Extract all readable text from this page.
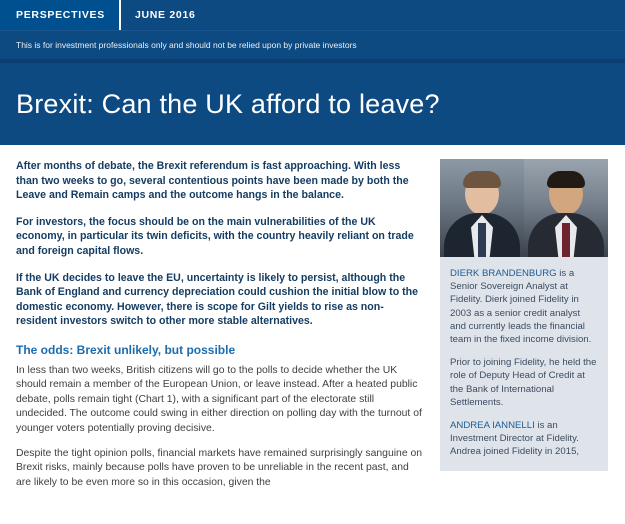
PERSPECTIVES	JUNE 2016
This is for investment professionals only and should not be relied upon by private investors
Brexit: Can the UK afford to leave?

After months of debate, the Brexit referendum is fast approaching. With less than two weeks to go, several contentious points have been made by both the Leave and Remain camps and the outcome hangs in the balance.

For investors, the focus should be on the main vulnerabilities of the UK economy, in particular its twin deficits, with the country heavily reliant on trade and foreign capital flows.

If the UK decides to leave the EU, uncertainty is likely to persist, although the Bank of England and currency depreciation could cushion the initial blow to the domestic economy. However, there is scope for Gilt yields to rise as non-resident investors switch to other more stable alternatives.

The odds: Brexit unlikely, but possible

In less than two weeks, British citizens will go to the polls to decide whether the UK should remain a member of the European Union, or leave instead. After a heated public debate, polls remain tight (Chart 1), with a significant part of the electorate still undecided. The outcome could swing in either direction on polling day with the turnout of younger voters potentially proving decisive.

Despite the tight opinion polls, financial markets have remained surprisingly sanguine on Brexit risks, mainly because polls have proven to be unreliable in the recent past, and are likely to be even more so in this occasion, given the

DIERK BRANDENBURG is a Senior Sovereign Analyst at Fidelity. Dierk joined Fidelity in 2003 as a senior credit analyst and currently leads the financial team in the fixed income division.

Prior to joining Fidelity, he held the role of Deputy Head of Credit at the Bank of International Settlements.

ANDREA IANNELLI is an Investment Director at Fidelity. Andrea joined Fidelity in 2015,
